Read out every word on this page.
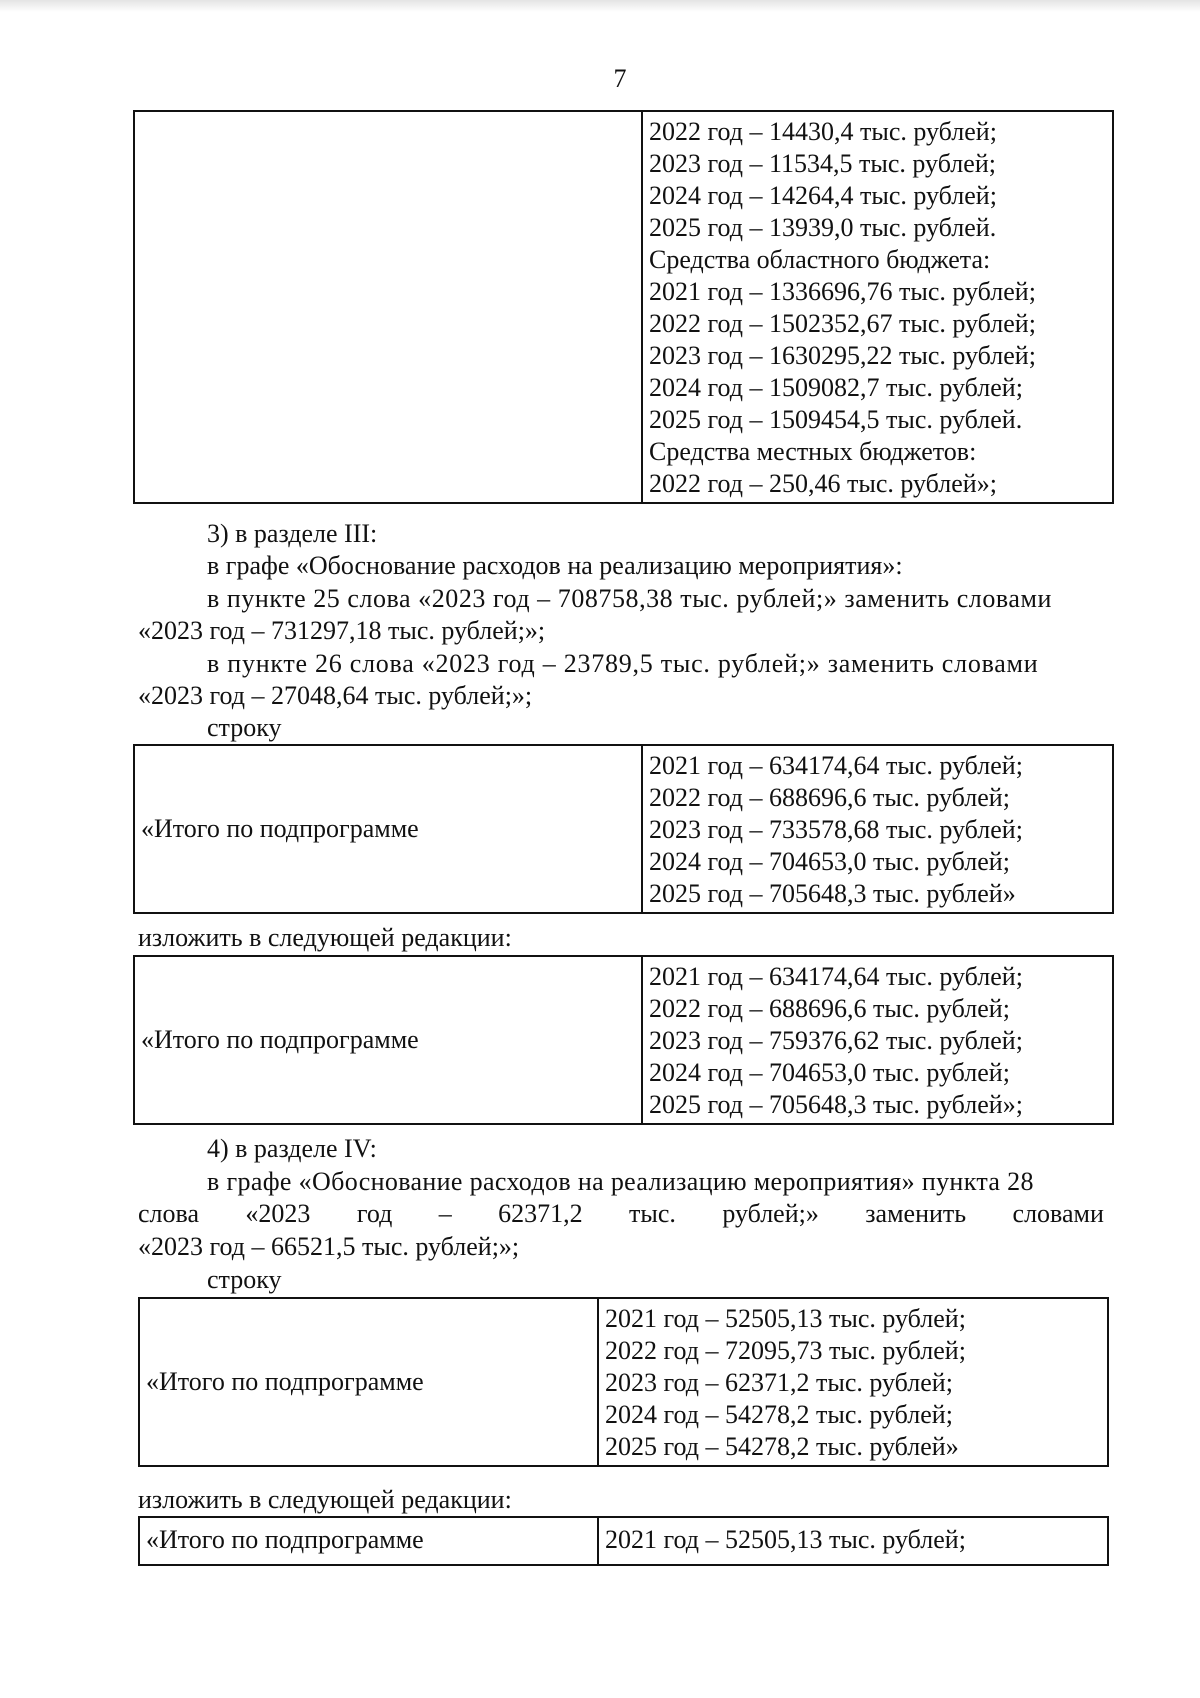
7

2022 год – 14430,4 тыс. рублей;
2023 год – 11534,5 тыс. рублей;
2024 год – 14264,4 тыс. рублей;
2025 год – 13939,0 тыс. рублей.
Средства областного бюджета:
2021 год – 1336696,76 тыс. рублей;
2022 год – 1502352,67 тыс. рублей;
2023 год – 1630295,22 тыс. рублей;
2024 год – 1509082,7 тыс. рублей;
2025 год – 1509454,5 тыс. рублей.
Средства местных бюджетов:
2022 год – 250,46 тыс. рублей»;
3) в разделе III:
в графе «Обоснование расходов на реализацию мероприятия»:
в пункте 25 слова «2023 год – 708758,38 тыс. рублей;» заменить словами
«2023 год – 731297,18 тыс. рублей;»;
в пункте 26 слова «2023 год – 23789,5 тыс. рублей;» заменить словами
«2023 год – 27048,64 тыс. рублей;»;
строку
«Итого по подпрограмме	
2021 год – 634174,64 тыс. рублей;
2022 год – 688696,6 тыс. рублей;
2023 год – 733578,68 тыс. рублей;
2024 год – 704653,0 тыс. рублей;
2025 год – 705648,3 тыс. рублей»
изложить в следующей редакции:
«Итого по подпрограмме	
2021 год – 634174,64 тыс. рублей;
2022 год – 688696,6 тыс. рублей;
2023 год – 759376,62 тыс. рублей;
2024 год – 704653,0 тыс. рублей;
2025 год – 705648,3 тыс. рублей»;
4) в разделе IV:
в графе «Обоснование расходов на реализацию мероприятия» пункта 28
слова «2023 год – 62371,2 тыс. рублей;» заменить словами
«2023 год – 66521,5 тыс. рублей;»;
строку
«Итого по подпрограмме	
2021 год – 52505,13 тыс. рублей;
2022 год – 72095,73 тыс. рублей;
2023 год – 62371,2 тыс. рублей;
2024 год – 54278,2 тыс. рублей;
2025 год – 54278,2 тыс. рублей»
изложить в следующей редакции:
«Итого по подпрограмме	2021 год – 52505,13 тыс. рублей;
